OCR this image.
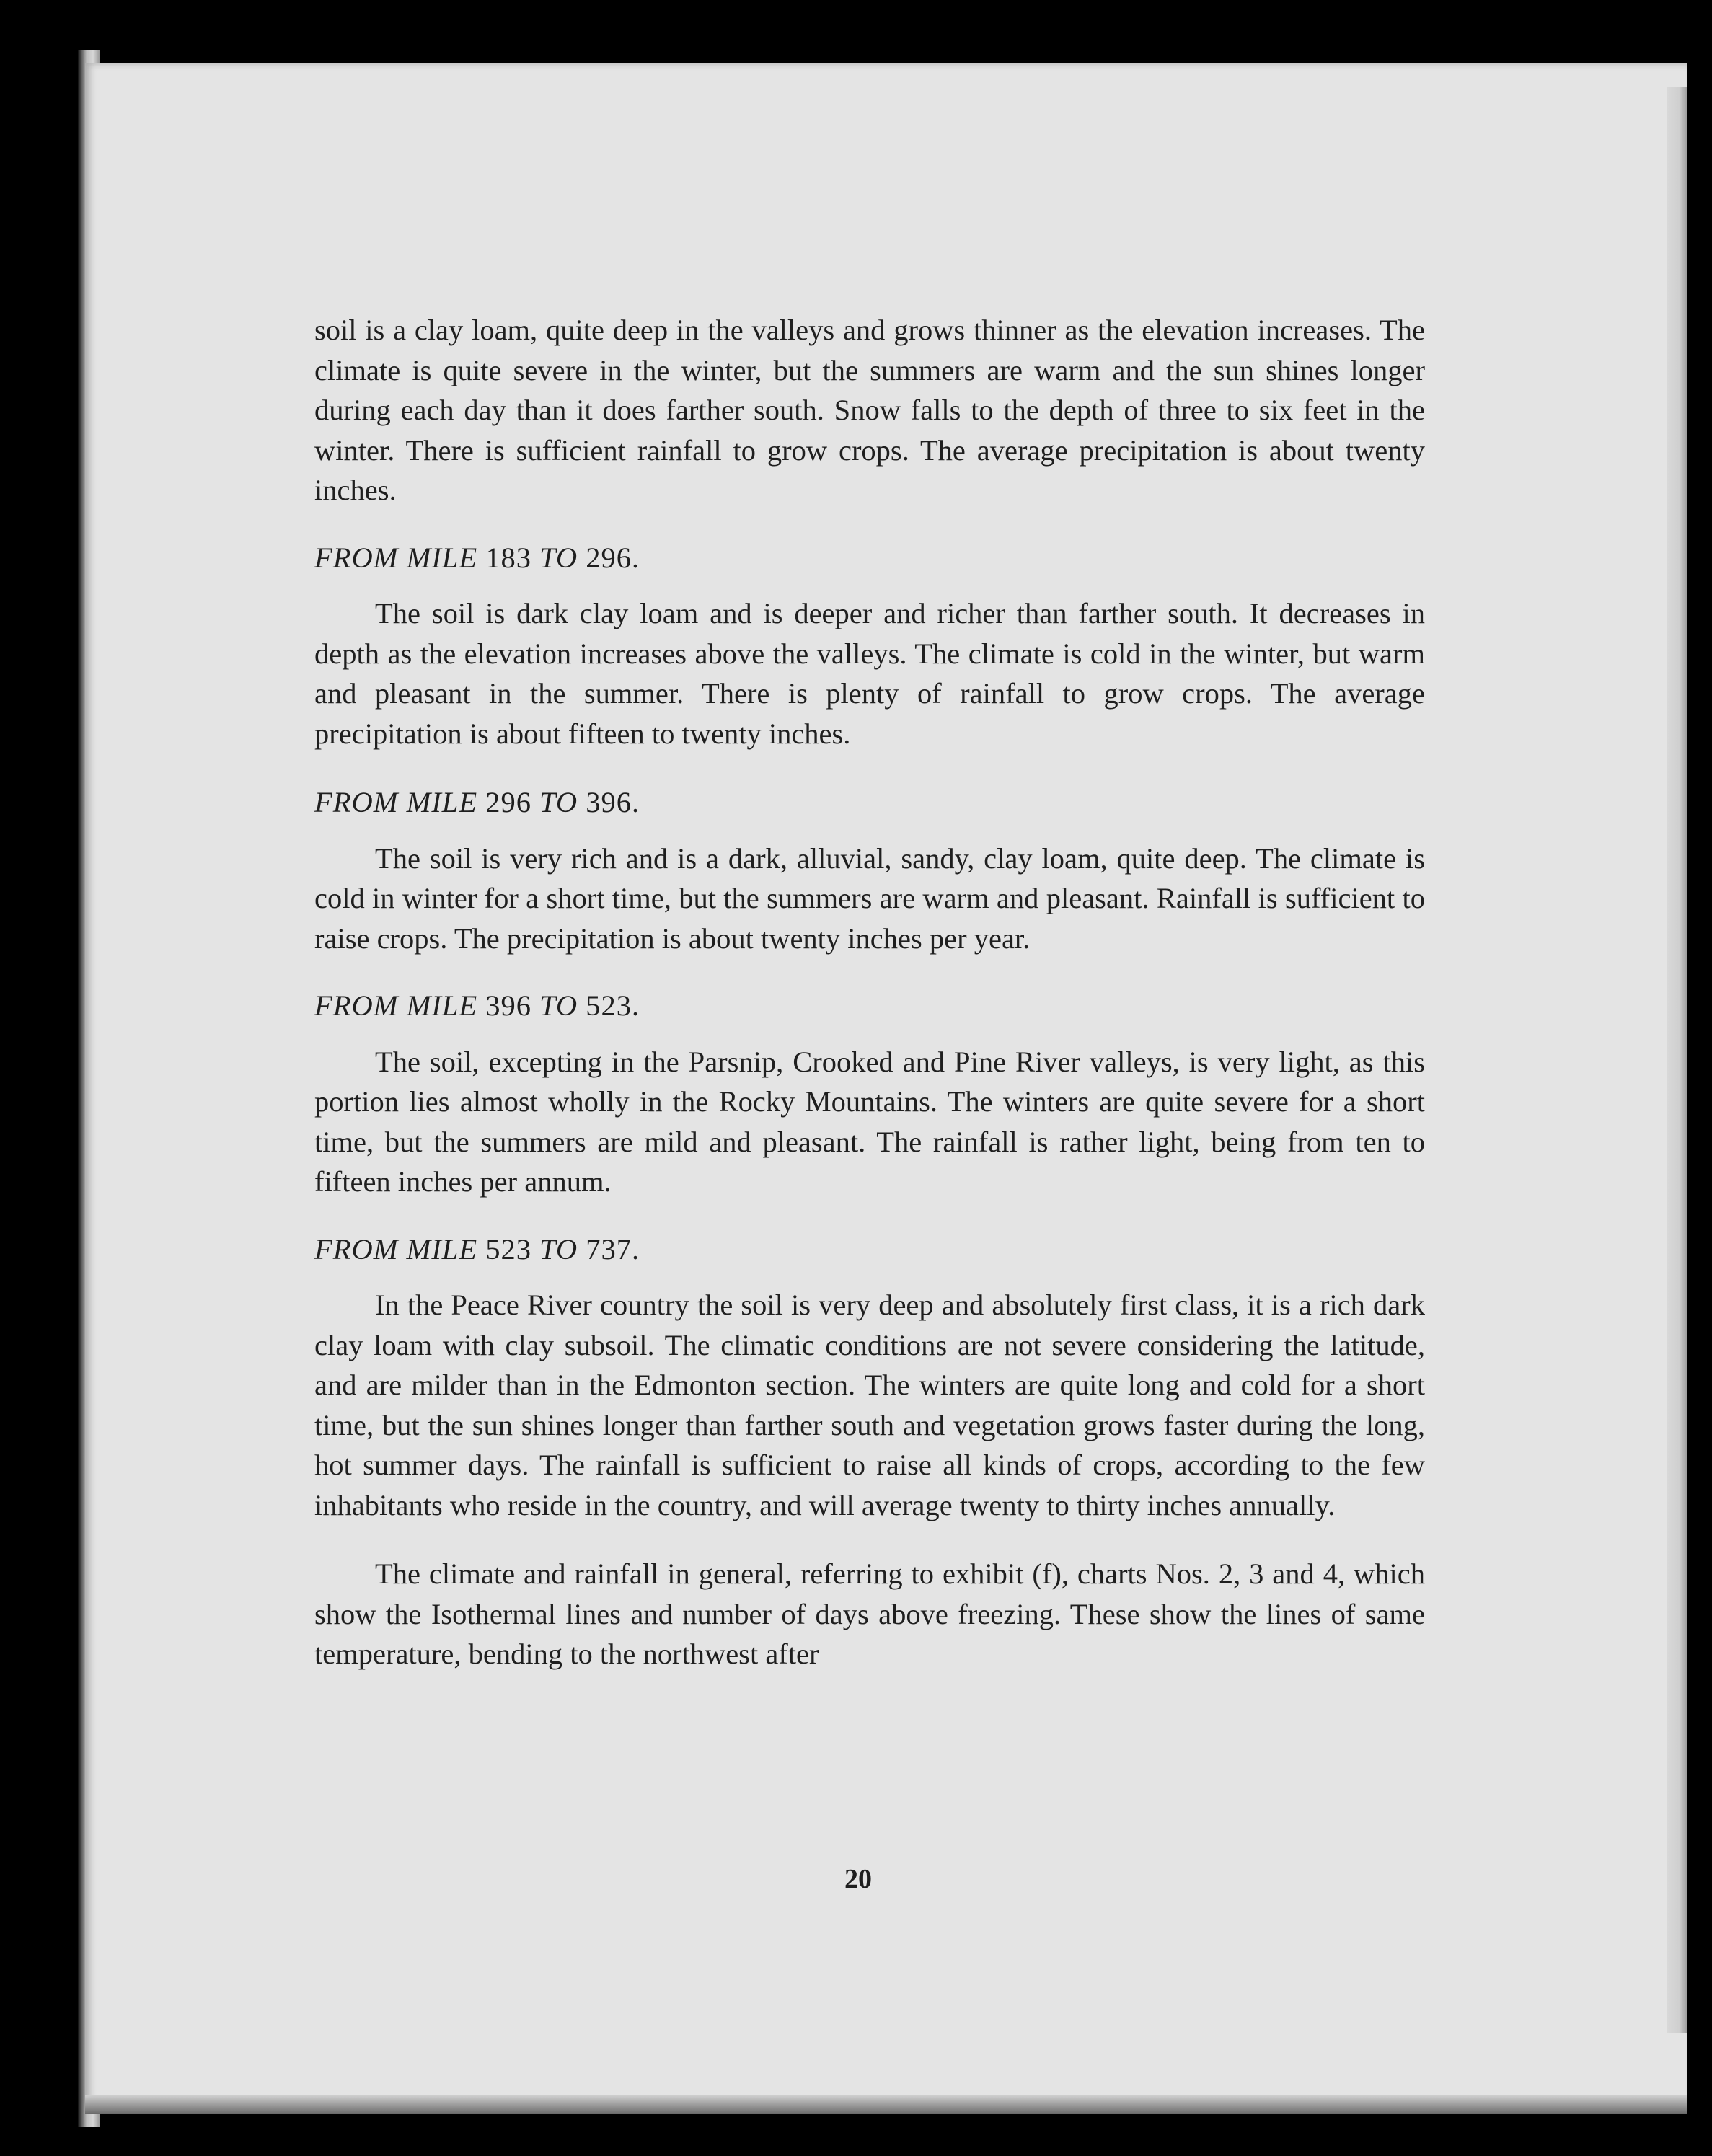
soil is a clay loam, quite deep in the valleys and grows thinner as the elevation increases. The climate is quite severe in the winter, but the summers are warm and the sun shines longer during each day than it does farther south. Snow falls to the depth of three to six feet in the winter. There is sufficient rainfall to grow crops. The average precipitation is about twenty inches.

FROM MILE 183 TO 296.

The soil is dark clay loam and is deeper and richer than farther south. It decreases in depth as the elevation increases above the valleys. The climate is cold in the winter, but warm and pleasant in the summer. There is plenty of rainfall to grow crops. The average precipitation is about fifteen to twenty inches.

FROM MILE 296 TO 396.

The soil is very rich and is a dark, alluvial, sandy, clay loam, quite deep. The climate is cold in winter for a short time, but the summers are warm and pleasant. Rainfall is sufficient to raise crops. The precipitation is about twenty inches per year.

FROM MILE 396 TO 523.

The soil, excepting in the Parsnip, Crooked and Pine River valleys, is very light, as this portion lies almost wholly in the Rocky Mountains. The winters are quite severe for a short time, but the summers are mild and pleasant. The rainfall is rather light, being from ten to fifteen inches per annum.

FROM MILE 523 TO 737.

In the Peace River country the soil is very deep and absolutely first class, it is a rich dark clay loam with clay subsoil. The climatic conditions are not severe considering the latitude, and are milder than in the Edmonton section. The winters are quite long and cold for a short time, but the sun shines longer than farther south and vegetation grows faster during the long, hot summer days. The rainfall is sufficient to raise all kinds of crops, according to the few inhabitants who reside in the country, and will average twenty to thirty inches annually.

The climate and rainfall in general, referring to exhibit (f), charts Nos. 2, 3 and 4, which show the Isothermal lines and number of days above freezing. These show the lines of same temperature, bending to the northwest after

20
